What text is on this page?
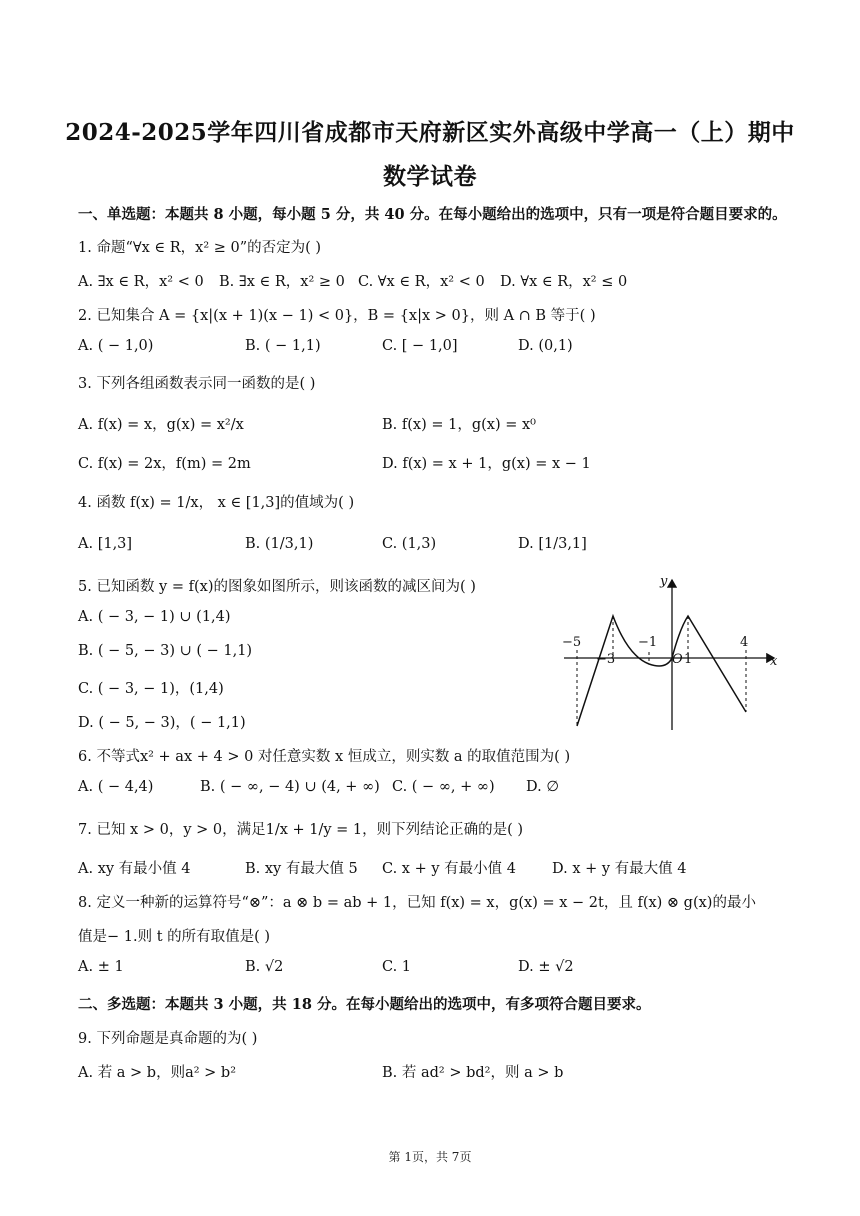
2024-2025学年四川省成都市天府新区实外高级中学高一（上）期中
数学试卷
一、单选题：本题共 8 小题，每小题 5 分，共 40 分。在每小题给出的选项中，只有一项是符合题目要求的。
1. 命题“∀x ∈ R，x² ≥ 0”的否定为( )
A. ∃x ∈ R，x² < 0 B. ∃x ∈ R，x² ≥ 0 C. ∀x ∈ R，x² < 0 D. ∀x ∈ R，x² ≤ 0
2. 已知集合 A = {x|(x + 1)(x − 1) < 0}，B = {x|x > 0}，则 A ∩ B 等于( )
A. ( − 1,0)	B. ( − 1,1)	C. [ − 1,0]	D. (0,1)
3. 下列各组函数表示同一函数的是( )
A. f(x) = x，g(x) = x²/x	B. f(x) = 1，g(x) = x⁰
C. f(x) = 2x，f(m) = 2m	D. f(x) = x + 1，g(x) = x − 1
4. 函数 f(x) = 1/x， x ∈ [1,3]的值域为( )
A. [1,3]	B. (1/3,1)	C. (1,3)	D. [1/3,1]
5. 已知函数 y = f(x)的图象如图所示，则该函数的减区间为( )
A. ( − 3, − 1) ∪ (1,4)
B. ( − 5, − 3) ∪ ( − 1,1)
C. ( − 3, − 1)，(1,4)
D. ( − 5, − 3)，( − 1,1)
y
x
O
−5
−3
−1
1
4
6. 不等式x² + ax + 4 > 0 对任意实数 x 恒成立，则实数 a 的取值范围为( )
A. ( − 4,4)	B. ( − ∞, − 4) ∪ (4, + ∞) C. ( − ∞, + ∞) D. ∅
7. 已知 x > 0，y > 0，满足1/x + 1/y = 1，则下列结论正确的是( )
A. xy 有最小值 4	B. xy 有最大值 5 C. x + y 有最小值 4 D. x + y 有最大值 4
8. 定义一种新的运算符号“⊗”：a ⊗ b = ab + 1，已知 f(x) = x，g(x) = x − 2t，且 f(x) ⊗ g(x)的最小
值是− 1.则 t 的所有取值是( )
A. ± 1	B. √2	C. 1	D. ± √2
二、多选题：本题共 3 小题，共 18 分。在每小题给出的选项中，有多项符合题目要求。
9. 下列命题是真命题的为( )
A. 若 a > b，则a² > b²	B. 若 ad² > bd²，则 a > b
第 1页，共 7页
